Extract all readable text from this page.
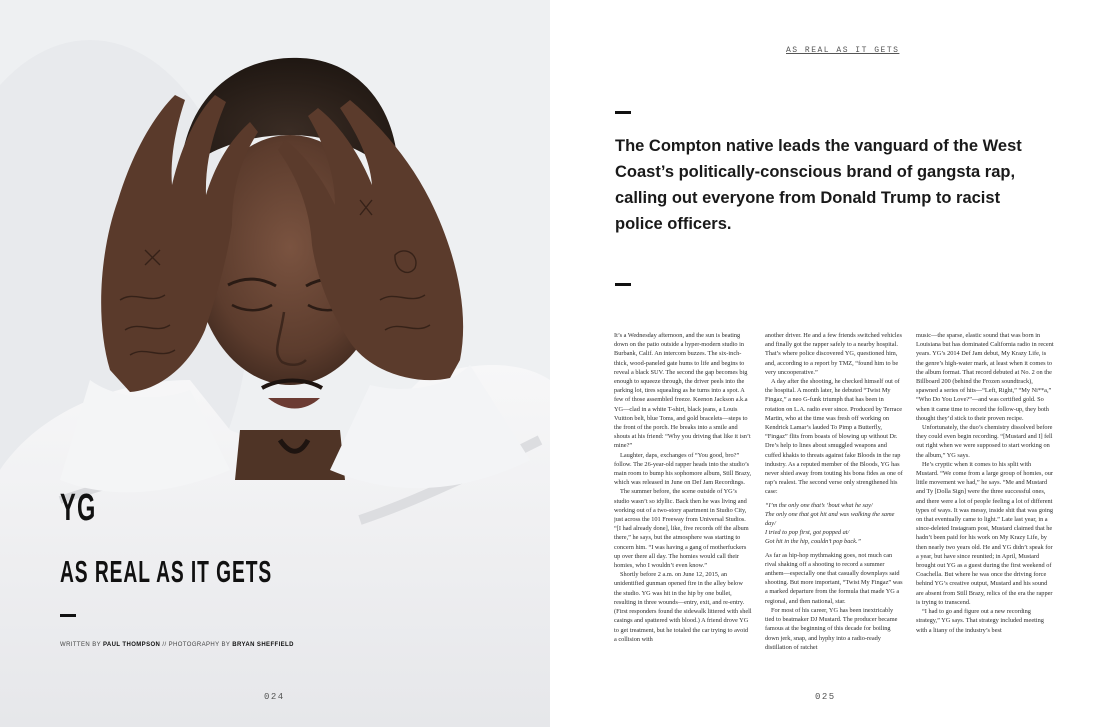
YG
AS REAL AS IT GETS
WRITTEN BY PAUL THOMPSON // PHOTOGRAPHY BY BRYAN SHEFFIELD
024
AS REAL AS IT GETS
The Compton native leads the vanguard of the West Coast’s politically-conscious brand of gangsta rap, calling out everyone from Donald Trump to racist police officers.

It’s a Wednesday afternoon, and the sun is beating down on the patio outside a hyper-modern studio in Burbank, Calif. An intercom buzzes. The six-inch-thick, wood-paneled gate hums to life and begins to reveal a black SUV. The second the gap becomes big enough to squeeze through, the driver peels into the parking lot, tires squealing as he turns into a spot. A few of those assembled freeze. Keenon Jackson a.k.a YG—clad in a white T-shirt, black jeans, a Louis Vuitton belt, blue Toms, and gold bracelets—steps to the front of the porch. He breaks into a smile and shouts at his friend: “Why you driving that like it isn’t mine?”

Laughter, daps, exchanges of “You good, bro?” follow. The 26-year-old rapper heads into the studio’s main room to bump his sophomore album, Still Brazy, which was released in June on Def Jam Recordings.

The summer before, the scene outside of YG’s studio wasn’t so idyllic. Back then he was living and working out of a two-story apartment in Studio City, just across the 101 Freeway from Universal Studios. “[I had already done], like, five records off the album there,” he says, but the atmosphere was starting to concern him. “I was having a gang of motherfuckers up over there all day. The homies would call their homies, who I wouldn’t even know.”

Shortly before 2 a.m. on June 12, 2015, an unidentified gunman opened fire in the alley below the studio. YG was hit in the hip by one bullet, resulting in three wounds—entry, exit, and re-entry. (First responders found the sidewalk littered with shell casings and spattered with blood.) A friend drove YG to get treatment, but he totaled the car trying to avoid a collision with

another driver. He and a few friends switched vehicles and finally got the rapper safely to a nearby hospital. That’s where police discovered YG, questioned him, and, according to a report by TMZ, “found him to be very uncooperative.”

A day after the shooting, he checked himself out of the hospital. A month later, he debuted “Twist My Fingaz,” a neo G-funk triumph that has been in rotation on L.A. radio ever since. Produced by Terrace Martin, who at the time was fresh off working on Kendrick Lamar’s lauded To Pimp a Butterfly, “Fingaz” flits from boasts of blowing up without Dr. Dre’s help to lines about smuggled weapons and cuffed khakis to threats against fake Bloods in the rap industry. As a reputed member of the Bloods, YG has never shied away from touting his bona fides as one of rap’s realest. The second verse only strengthened his case:

“I’m the only one that’s ’bout what he say/
The only one that got hit and was walking the same day/
I tried to pop first, got popped at/
Got hit in the hip, couldn’t pop back.”

As far as hip-hop mythmaking goes, not much can rival shaking off a shooting to record a summer anthem—especially one that casually downplays said shooting. But more important, “Twist My Fingaz” was a marked departure from the formula that made YG a regional, and then national, star.

For most of his career, YG has been inextricably tied to beatmaker DJ Mustard. The producer became famous at the beginning of this decade for boiling down jerk, snap, and hyphy into a radio-ready distillation of ratchet

music—the sparse, elastic sound that was born in Louisiana but has dominated California radio in recent years. YG’s 2014 Def Jam debut, My Krazy Life, is the genre’s high-water mark, at least when it comes to the album format. That record debuted at No. 2 on the Billboard 200 (behind the Frozen soundtrack), spawned a series of hits—“Left, Right,” “My Ni**a,” “Who Do You Love?”—and was certified gold. So when it came time to record the follow-up, they both thought they’d stick to their proven recipe.

Unfortunately, the duo’s chemistry dissolved before they could even begin recording. “[Mustard and I] fell out right when we were supposed to start working on the album,” YG says.

He’s cryptic when it comes to his split with Mustard. “We come from a large group of homies, our little movement we had,” he says. “Me and Mustard and Ty [Dolla Sign] were the three successful ones, and there were a lot of people feeling a lot of different types of ways. It was messy, inside shit that was going on that eventually came to light.” Late last year, in a since-deleted Instagram post, Mustard claimed that he hadn’t been paid for his work on My Krazy Life, by then nearly two years old. He and YG didn’t speak for a year, but have since reunited; in April, Mustard brought out YG as a guest during the first weekend of Coachella. But where he was once the driving force behind YG’s creative output, Mustard and his sound are absent from Still Brazy, relics of the era the rapper is trying to transcend.

“I had to go and figure out a new recording strategy,” YG says. That strategy included meeting with a litany of the industry’s best

025
